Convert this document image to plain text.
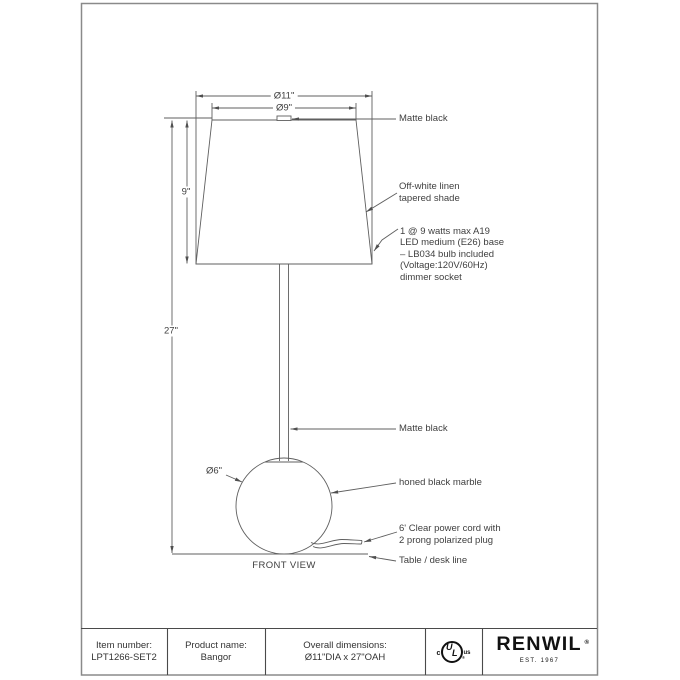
Ø11"
Ø9"
9"
27"
Ø6"
Matte black
Off-white linen
tapered shade
1 @ 9 watts max A19
LED medium (E26) base
– LB034 bulb included
(Voltage:120V/60Hz)
dimmer socket
Matte black
honed black marble
6' Clear power cord with
2 prong polarized plug
Table / desk line
FRONT VIEW
Item number:
LPT1266-SET2
Product name:
Bangor
Overall dimensions:
Ø11"DIA x 27"OAH	c
U
L ®
us RENWIL ®
EST. 1967
